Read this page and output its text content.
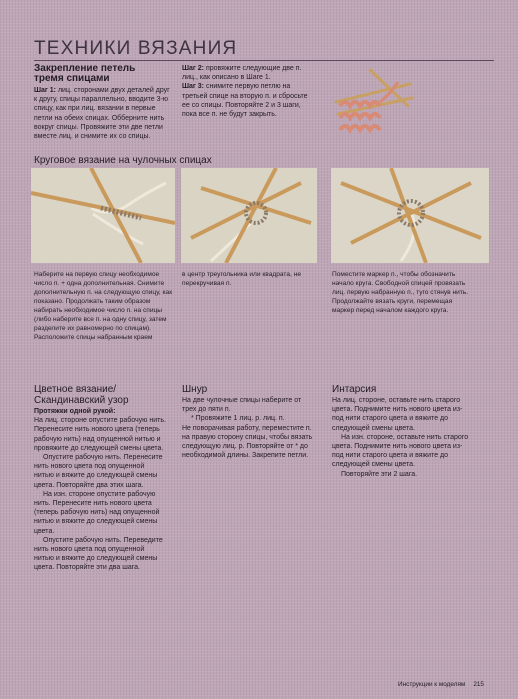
ТЕХНИКИ ВЯЗАНИЯ
Закрепление петель тремя спицами
Шаг 1: лиц. сторонами двух деталей друг к другу, спицы параллельно, вводите 3-ю спицу, как при лиц. вязании в первые петли на обеих спицах. Обберните нить вокруг спицы. Провяжите эти две петли вместе лиц. и снимите их со спицы.

Шаг 2: провяжите следующие две п. лиц., как описано в Шаге 1.

Шаг 3: снимите первую петлю на третьей спице на вторую п. и сбросьте ее со спицы. Повторяйте 2 и 3 шаги, пока все п. не будут закрыть.

Круговое вязание на чулочных спицах
Наберите на первую спицу необходимое число п. + одна дополнительная. Снимите дополнительную п. на следующую спицу, как показано. Продолжать таким образом набирать необходимое число п. на спицы (либо наберите все п. на одну спицу, затем разделите их равномерно по спицам). Расположите спицы набранным краем
в центр треугольника или квадрата, не перекручивая п.
Поместите маркер п., чтобы обозначить начало круга. Свободной спицей провязать лиц. первую набранную п., туго стянув нить. Продолжайте вязать круги, перемещая маркер перед началом каждого круга.
Цветное вязание/ Скандинавский узор

Протяжки одной рукой:

На лиц. стороне опустите рабочую нить. Перенесите нить нового цвета (теперь рабочую нить) над опущенной нитью и провяжите до следующей смены цвета.

Опустите рабочую нить. Перенесите нить нового цвета под опущенной нитью и вяжите до следующей смены цвета. Повторяйте два этих шага.

На изн. стороне опустите рабочую нить. Перенесите нить нового цвета (теперь рабочую нить) над опущенной нитью и вяжите до следующей смены цвета.

Опустите рабочую нить. Переведите нить нового цвета под опущенной нитью и вяжите до следующей смены цвета. Повторяйте эти два шага.

Шнур

На две чулочные спицы наберите от трех до пяти п.

* Провяжите 1 лиц. р. лиц. п.

Не поворачивая работу, переместите п. на правую сторону спицы, чтобы вязать следующую лиц. р. Повторяйте от * до необходимой длины. Закрепите петли.

Интарсия

На лиц. стороне, оставьте нить старого цвета. Поднимите нить нового цвета из-под нити старого цвета и вяжите до следующей смены цвета.

На изн. стороне, оставьте нить старого цвета. Поднимите нить нового цвета из-под нити старого цвета и вяжите до следующей смены цвета.

Повторяйте эти 2 шага.

Инструкции к моделям 215
